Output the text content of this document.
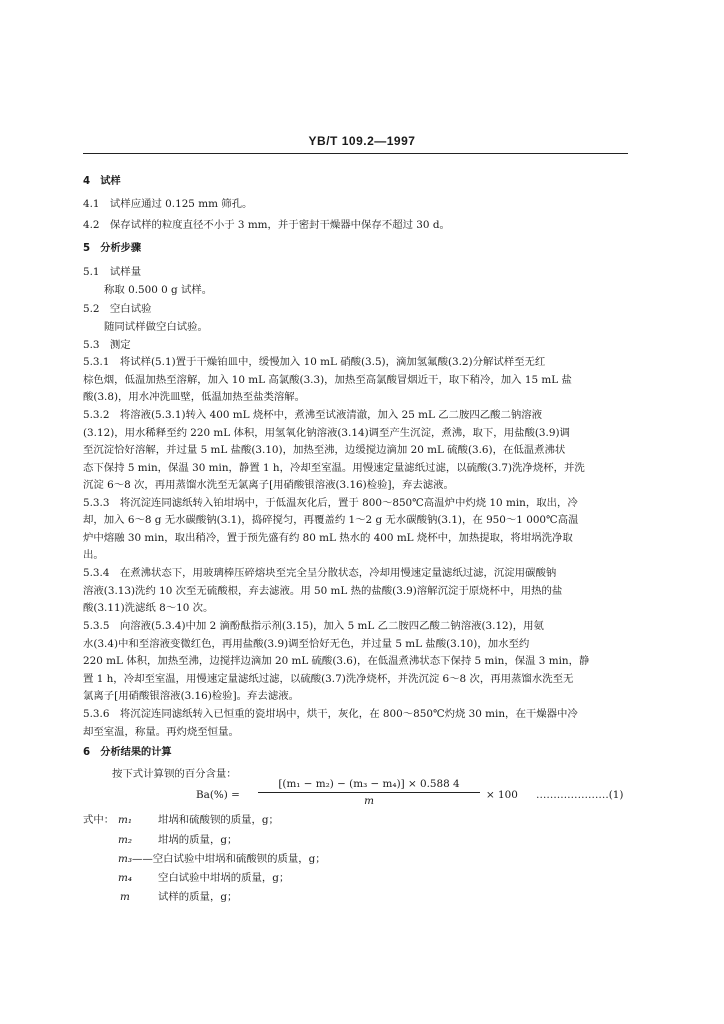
YB/T 109.2—1997
4　试样
4.1　试样应通过 0.125 mm 筛孔。
4.2　保存试样的粒度直径不小于 3 mm，并于密封干燥器中保存不超过 30 d。
5　分析步骤
5.1　试样量
称取 0.500 0 g 试样。
5.2　空白试验
随同试样做空白试验。
5.3　测定
5.3.1　将试样(5.1)置于干燥铂皿中，缓慢加入 10 mL 硝酸(3.5)，滴加氢氟酸(3.2)分解试样至无红
棕色烟，低温加热至溶解，加入 10 mL 高氯酸(3.3)，加热至高氯酸冒烟近干，取下稍冷，加入 15 mL 盐
酸(3.8)，用水冲洗皿壁，低温加热至盐类溶解。
5.3.2　将溶液(5.3.1)转入 400 mL 烧杯中，煮沸至试液清澈，加入 25 mL 乙二胺四乙酸二钠溶液
(3.12)，用水稀释至约 220 mL 体积，用氢氧化钠溶液(3.14)调至产生沉淀，煮沸，取下，用盐酸(3.9)调
至沉淀恰好溶解，并过量 5 mL 盐酸(3.10)，加热至沸，边缓搅边滴加 20 mL 硫酸(3.6)，在低温煮沸状
态下保持 5 min，保温 30 min，静置 1 h，冷却至室温。用慢速定量滤纸过滤，以硫酸(3.7)洗净烧杯，并洗
沉淀 6～8 次，再用蒸馏水洗至无氯离子[用硝酸银溶液(3.16)检验]，弃去滤液。
5.3.3　将沉淀连同滤纸转入铂坩埚中，于低温灰化后，置于 800～850℃高温炉中灼烧 10 min，取出，冷
却，加入 6～8 g 无水碳酸钠(3.1)，捣碎搅匀，再覆盖约 1～2 g 无水碳酸钠(3.1)，在 950～1 000℃高温
炉中熔融 30 min，取出稍冷，置于预先盛有约 80 mL 热水的 400 mL 烧杯中，加热提取，将坩埚洗净取
出。
5.3.4　在煮沸状态下，用玻璃棒压碎熔块至完全呈分散状态，冷却用慢速定量滤纸过滤，沉淀用碳酸钠
溶液(3.13)洗约 10 次至无硫酸根，弃去滤液。用 50 mL 热的盐酸(3.9)溶解沉淀于原烧杯中，用热的盐
酸(3.11)洗滤纸 8～10 次。
5.3.5　向溶液(5.3.4)中加 2 滴酚酞指示剂(3.15)，加入 5 mL 乙二胺四乙酸二钠溶液(3.12)，用氨
水(3.4)中和至溶液变微红色，再用盐酸(3.9)调至恰好无色，并过量 5 mL 盐酸(3.10)，加水至约
220 mL 体积，加热至沸，边搅拌边滴加 20 mL 硫酸(3.6)，在低温煮沸状态下保持 5 min，保温 3 min，静
置 1 h，冷却至室温，用慢速定量滤纸过滤，以硫酸(3.7)洗净烧杯，并洗沉淀 6～8 次，再用蒸馏水洗至无
氯离子[用硝酸银溶液(3.16)检验]。弃去滤液。
5.3.6　将沉淀连同滤纸转入已恒重的瓷坩埚中，烘干，灰化，在 800～850℃灼烧 30 min，在干燥器中冷
却至室温，称量。再灼烧至恒量。
6　分析结果的计算
按下式计算钡的百分含量：
Ba(%) =
[(m₁ − m₂) − (m₃ − m₄)] × 0.588 4
m	× 100 …………………(1)
式中： m₁ 坩埚和硫酸钡的质量，g；
m₂ 坩埚的质量，g；
m₃ ——空白试验中坩埚和硫酸钡的质量，g；
m₄ 空白试验中坩埚的质量，g；
m	试样的质量，g；
